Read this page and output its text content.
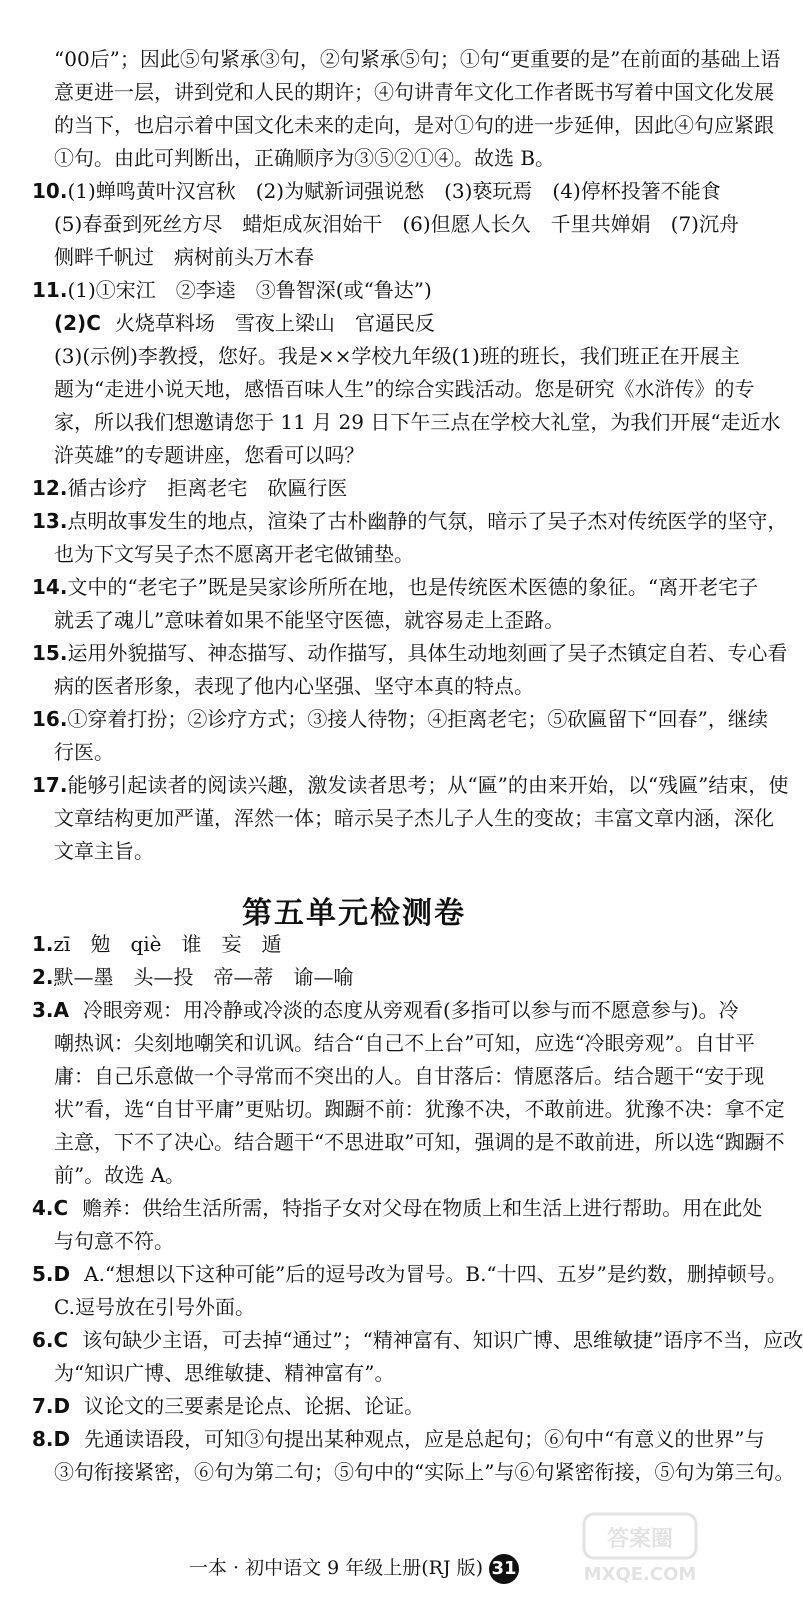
“00后”；因此⑤句紧承③句，②句紧承⑤句；①句“更重要的是”在前面的基础上语
意更进一层，讲到党和人民的期许；④句讲青年文化工作者既书写着中国文化发展
的当下，也启示着中国文化未来的走向，是对①句的进一步延伸，因此④句应紧跟
①句。由此可判断出，正确顺序为③⑤②①④。故选 B。
10.(1)蝉鸣黄叶汉宫秋　(2)为赋新词强说愁　(3)亵玩焉　(4)停杯投箸不能食
(5)春蚕到死丝方尽　蜡炬成灰泪始干　(6)但愿人长久　千里共婵娟　(7)沉舟
侧畔千帆过　病树前头万木春
11.(1)①宋江　②李逵　③鲁智深(或“鲁达”)
(2)C 火烧草料场　雪夜上梁山　官逼民反
(3)(示例)李教授，您好。我是××学校九年级(1)班的班长，我们班正在开展主
题为“走进小说天地，感悟百味人生”的综合实践活动。您是研究《水浒传》的专
家，所以我们想邀请您于 11 月 29 日下午三点在学校大礼堂，为我们开展“走近水
浒英雄”的专题讲座，您看可以吗？
12.循古诊疗　拒离老宅　砍匾行医
13.点明故事发生的地点，渲染了古朴幽静的气氛，暗示了吴子杰对传统医学的坚守，
也为下文写吴子杰不愿离开老宅做铺垫。
14.文中的“老宅子”既是吴家诊所所在地，也是传统医术医德的象征。“离开老宅子
就丢了魂儿”意味着如果不能坚守医德，就容易走上歪路。
15.运用外貌描写、神态描写、动作描写，具体生动地刻画了吴子杰镇定自若、专心看
病的医者形象，表现了他内心坚强、坚守本真的特点。
16.①穿着打扮；②诊疗方式；③接人待物；④拒离老宅；⑤砍匾留下“回春”，继续
行医。
17.能够引起读者的阅读兴趣，激发读者思考；从“匾”的由来开始，以“残匾”结束，使
文章结构更加严谨，浑然一体；暗示吴子杰儿子人生的变故；丰富文章内涵，深化
文章主旨。
1.zī　勉　qiè　谁　妄　遁
2.默—墨　头—投　帝—蒂　谕—喻
3.A 冷眼旁观：用冷静或冷淡的态度从旁观看(多指可以参与而不愿意参与)。冷
嘲热讽：尖刻地嘲笑和讥讽。结合“自己不上台”可知，应选“冷眼旁观”。自甘平
庸：自己乐意做一个寻常而不突出的人。自甘落后：情愿落后。结合题干“安于现
状”看，选“自甘平庸”更贴切。踟蹰不前：犹豫不决，不敢前进。犹豫不决：拿不定
主意，下不了决心。结合题干“不思进取”可知，强调的是不敢前进，所以选“踟蹰不
前”。故选 A。
4.C 赡养：供给生活所需，特指子女对父母在物质上和生活上进行帮助。用在此处
与句意不符。
5.D A.“想想以下这种可能”后的逗号改为冒号。B.“十四、五岁”是约数，删掉顿号。
C.逗号放在引号外面。
6.C 该句缺少主语，可去掉“通过”；“精神富有、知识广博、思维敏捷”语序不当，应改
为“知识广博、思维敏捷、精神富有”。
7.D 议论文的三要素是论点、论据、论证。
8.D 先通读语段，可知③句提出某种观点，应是总起句；⑥句中“有意义的世界”与
③句衔接紧密，⑥句为第二句；⑤句中的“实际上”与⑥句紧密衔接，⑤句为第三句。
第五单元检测卷
一本 · 初中语文 9 年级上册(RJ 版) 31
答案圈
MXQE.COM
